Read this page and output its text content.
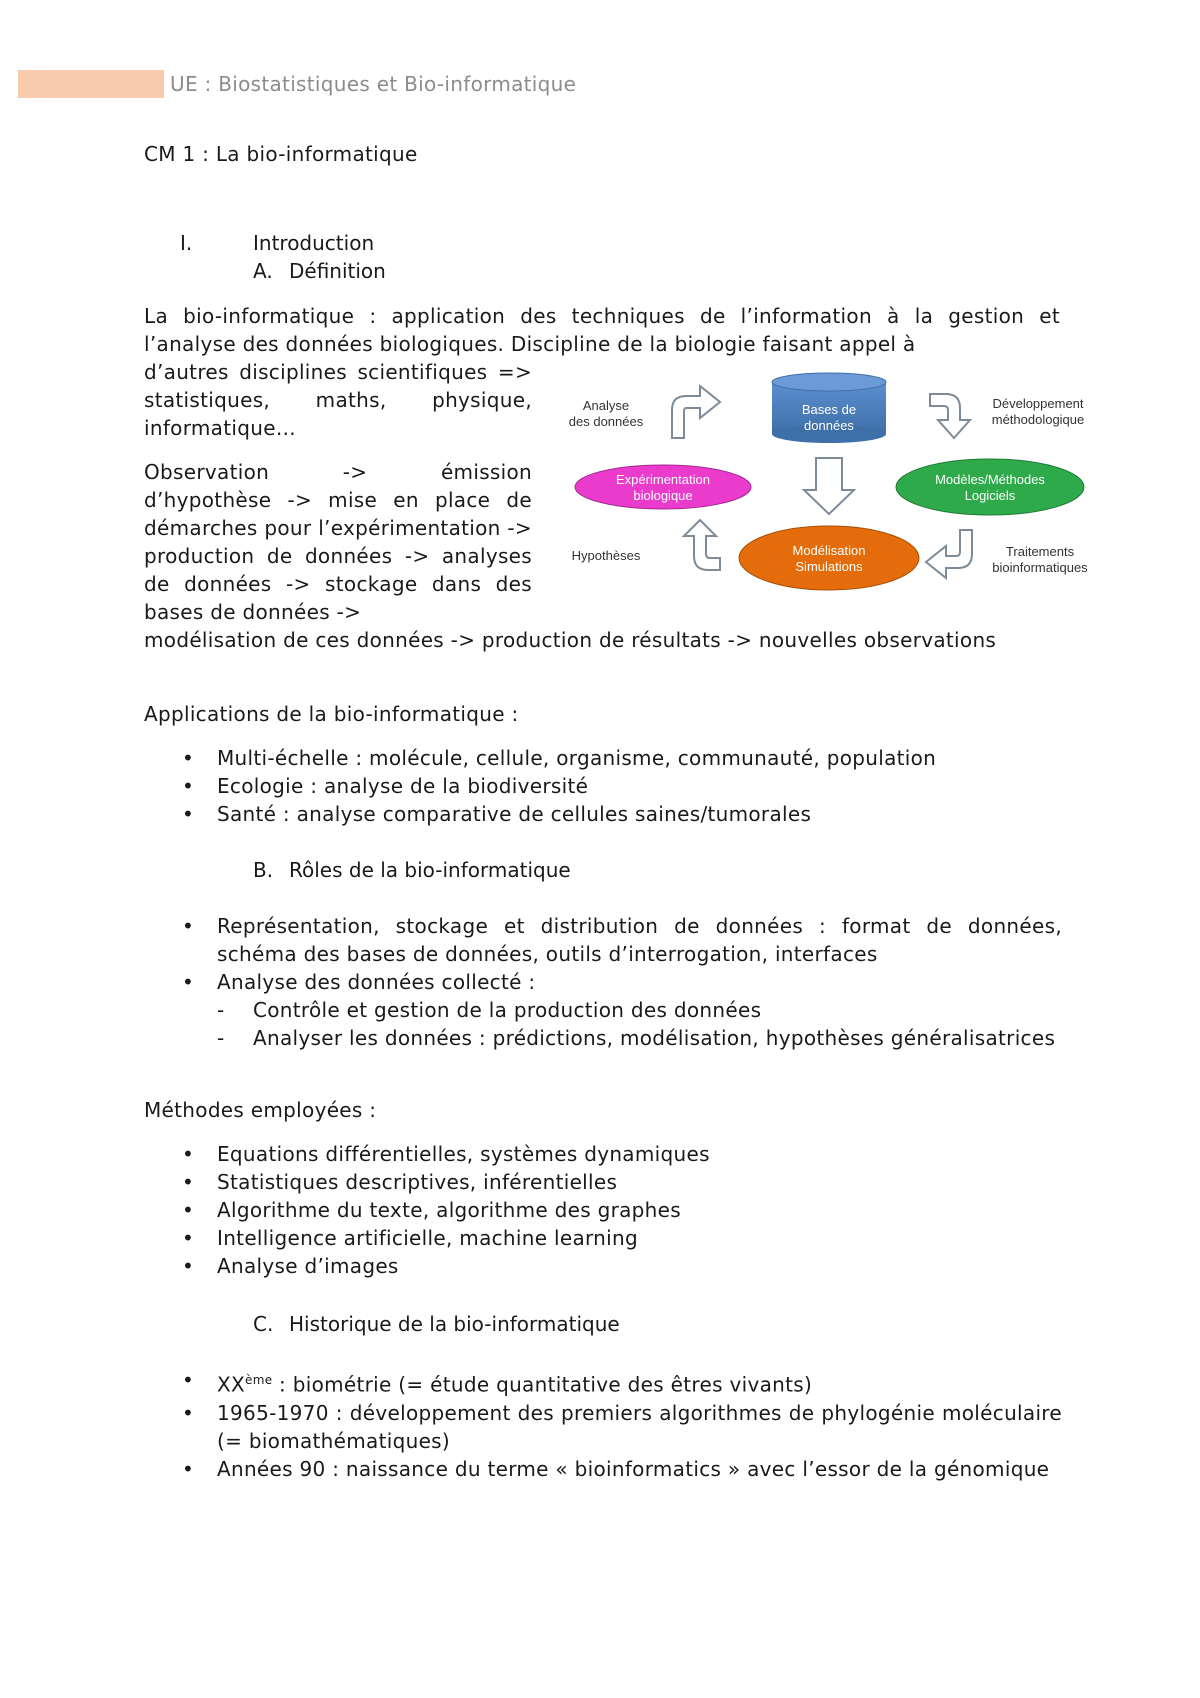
UE : Biostatistiques et Bio-informatique
CM 1 : La bio-informatique
I.	Introduction
A. Définition
La bio-informatique : application des techniques de l’information à la gestion et l’analyse des données biologiques. Discipline de la biologie faisant appel à
d’autres disciplines scientifiques => statistiques, maths, physique, informatique…
Observation -> émission d’hypothèse -> mise en place de démarches pour l’expérimentation -> production de données -> analyses de données -> stockage dans des bases de données ->
modélisation de ces données -> production de résultats -> nouvelles observations
Analyse
des données
Bases de
données
Développement
méthodologique
Expérimentation
biologique
Modèles/Méthodes
Logiciels
Hypothèses	Modélisation
Simulations
Traitements
bioinformatiques
Applications de la bio-informatique :
• Multi-échelle : molécule, cellule, organisme, communauté, population
• Ecologie : analyse de la biodiversité
• Santé : analyse comparative de cellules saines/tumorales
B. Rôles de la bio-informatique
• Représentation, stockage et distribution de données : format de données, schéma des bases de données, outils d’interrogation, interfaces
• Analyse des données collecté :
- Contrôle et gestion de la production des données
- Analyser les données : prédictions, modélisation, hypothèses généralisatrices
Méthodes employées :
• Equations différentielles, systèmes dynamiques
• Statistiques descriptives, inférentielles
• Algorithme du texte, algorithme des graphes
• Intelligence artificielle, machine learning
• Analyse d’images
C. Historique de la bio-informatique
• XXème : biométrie (= étude quantitative des êtres vivants)
• 1965-1970 : développement des premiers algorithmes de phylogénie moléculaire (= biomathématiques)
• Années 90 : naissance du terme « bioinformatics » avec l’essor de la génomique
